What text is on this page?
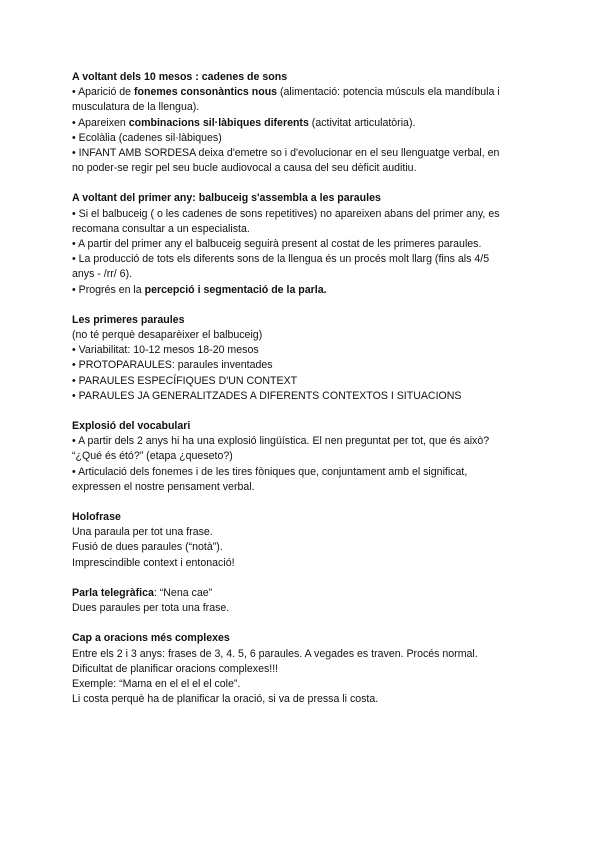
A voltant dels 10 mesos : cadenes de sons
• Aparició de fonemes consonàntics nous (alimentació: potencia músculs ela mandíbula i
musculatura de la llengua).
• Apareixen combinacions sil·làbiques diferents (activitat articulatòria).
• Ecolàlia (cadenes sil·làbiques)
• INFANT AMB SORDESA deixa d'emetre so i d'evolucionar en el seu llenguatge verbal, en
no poder-se regir pel seu bucle audiovocal a causa del seu dèficit auditiu.
A voltant del primer any: balbuceig s'assembla a les paraules
• Si el balbuceig ( o les cadenes de sons repetitives) no apareixen abans del primer any, es
recomana consultar a un especialista.
• A partir del primer any el balbuceig seguirà present al costat de les primeres paraules.
• La producció de tots els diferents sons de la llengua és un procés molt llarg (fins als 4/5
anys - /rr/ 6).
• Progrés en la percepció i segmentació de la parla.
Les primeres paraules
(no té perquè desaparèixer el balbuceig)
• Variabilitat: 10-12 mesos 18-20 mesos
• PROTOPARAULES: paraules inventades
• PARAULES ESPECÍFIQUES D'UN CONTEXT
• PARAULES JA GENERALITZADES A DIFERENTS CONTEXTOS I SITUACIONS
Explosió del vocabulari
• A partir dels 2 anys hi ha una explosió lingüística. El nen preguntat per tot, que és això?
“¿Qué és étó?” (etapa ¿queseto?)
• Articulació dels fonemes i de les tires fòniques que, conjuntament amb el significat,
expressen el nostre pensament verbal.
Holofrase
Una paraula per tot una frase.
Fusió de dues paraules (“notà”).
Imprescindible context i entonació!
Parla telegràfica: “Nena cae”
Dues paraules per tota una frase.
Cap a oracions més complexes
Entre els 2 i 3 anys: frases de 3, 4. 5, 6 paraules. A vegades es traven. Procés normal.
Dificultat de planificar oracions complexes!!!
Exemple: “Mama en el el el el cole”.
Li costa perquè ha de planificar la oració, si va de pressa li costa.
